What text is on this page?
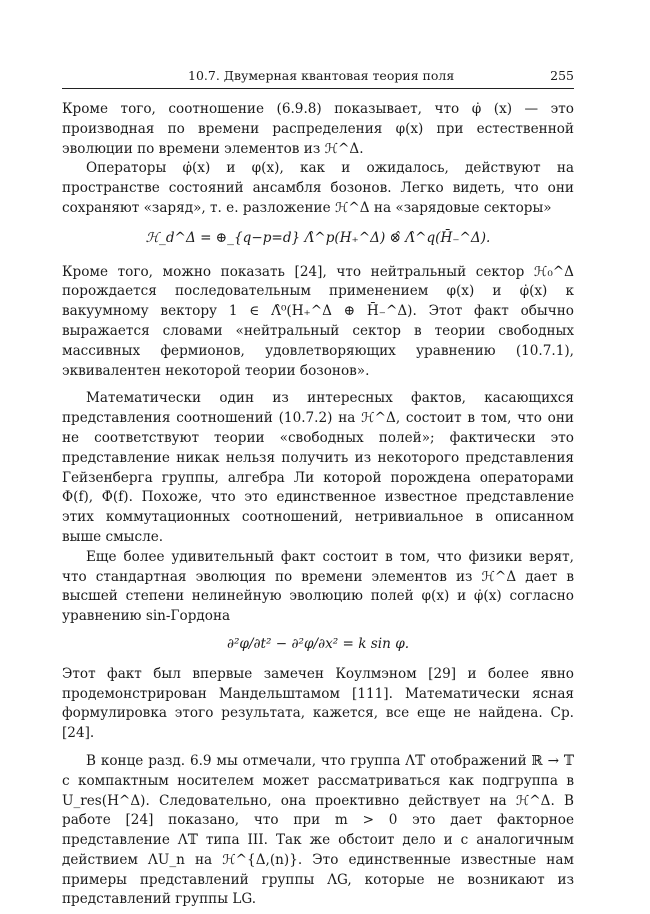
10.7. Двумерная квантовая теория поля	255

Кроме того, соотношение (6.9.8) показывает, что φ̇ (x) — это производная по времени распределения φ(x) при естественной эволюции по времени элементов из ℋ^Δ.

Операторы φ̇(x) и φ(x), как и ожидалось, действуют на пространстве состояний ансамбля бозонов. Легко видеть, что они сохраняют «заряд», т. е. разложение ℋ^Δ на «зарядовые секторы»

ℋ_d^Δ = ⊕_{q−p=d} Λ̂^p(H₊^Δ) ⊗̂ Λ̂^q(H̄₋^Δ).

Кроме того, можно показать [24], что нейтральный сектор ℋ₀^Δ порождается последовательным применением φ(x) и φ̇(x) к вакуумному вектору 1 ∈ Λ̂⁰(H₊^Δ ⊕ H̄₋^Δ). Этот факт обычно выражается словами «нейтральный сектор в теории свободных массивных фермионов, удовлетворяющих уравнению (10.7.1), эквивалентен некоторой теории бозонов».

Математически один из интересных фактов, касающихся представления соотношений (10.7.2) на ℋ^Δ, состоит в том, что они не соответствуют теории «свободных полей»; фактически это представление никак нельзя получить из некоторого представления Гейзенберга группы, алгебра Ли которой порождена операторами Φ(f), Φ̇(f). Похоже, что это единственное известное представление этих коммутационных соотношений, нетривиальное в описанном выше смысле.

Еще более удивительный факт состоит в том, что физики верят, что стандартная эволюция по времени элементов из ℋ^Δ дает в высшей степени нелинейную эволюцию полей φ(x) и φ̇(x) согласно уравнению sin-Гордона

∂²φ/∂t² − ∂²φ/∂x² = k sin φ.

Этот факт был впервые замечен Коулмэном [29] и более явно продемонстрирован Мандельштамом [111]. Математически ясная формулировка этого результата, кажется, все еще не найдена. Ср. [24].

В конце разд. 6.9 мы отмечали, что группа Λ𝕋 отображений ℝ → 𝕋 с компактным носителем может рассматриваться как подгруппа в U_res(H^Δ). Следовательно, она проективно действует на ℋ^Δ. В работе [24] показано, что при m > 0 это дает факторное представление Λ𝕋 типа III. Так же обстоит дело и с аналогичным действием ΛU_n на ℋ^{Δ,(n)}. Это единственные известные нам примеры представлений группы ΛG, которые не возникают из представлений группы LG.
